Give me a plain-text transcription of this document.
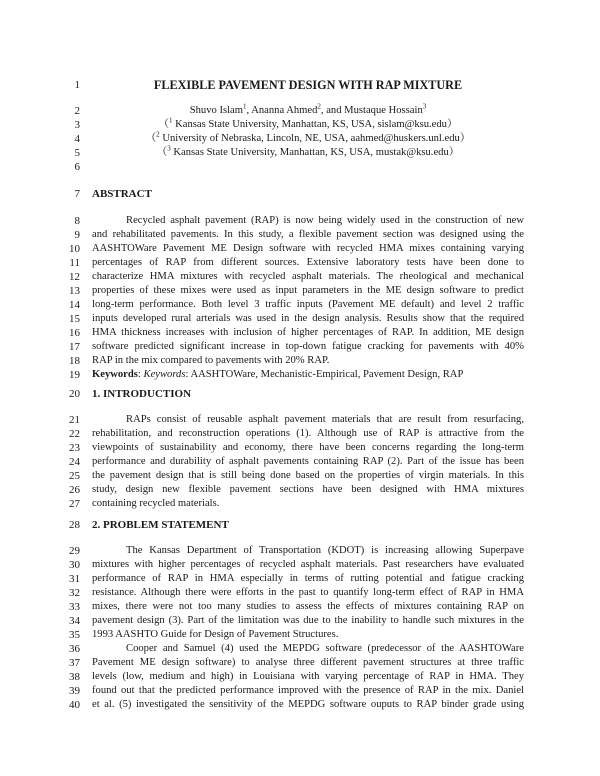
1	FLEXIBLE PAVEMENT DESIGN WITH RAP MIXTURE
2	Shuvo Islam$^1$, Ananna Ahmed$^2$, and Mustaque Hossain$^3$
3	（$^1$ Kansas State University, Manhattan, KS, USA, sislam@ksu.edu）
4	（$^2$ University of Nebraska, Lincoln, NE, USA, aahmed@huskers.unl.edu）
5	（$^3$ Kansas State University, Manhattan, KS, USA, mustak@ksu.edu）
6
7 ABSTRACT
8	Recycled asphalt pavement (RAP) is now being widely used in the construction of new
9 and rehabilitated pavements. In this study, a flexible pavement section was designed using the
10 AASHTOWare Pavement ME Design software with recycled HMA mixes containing varying
11 percentages of RAP from different sources. Extensive laboratory tests have been done to
12 characterize HMA mixtures with recycled asphalt materials. The rheological and mechanical
13 properties of these mixes were used as input parameters in the ME design software to predict
14 long-term performance. Both level 3 traffic inputs (Pavement ME default) and level 2 traffic
15 inputs developed rural arterials was used in the design analysis. Results show that the required
16 HMA thickness increases with inclusion of higher percentages of RAP. In addition, ME design
17 software predicted significant increase in top-down fatigue cracking for pavements with 40%
18 RAP in the mix compared to pavements with 20% RAP.
19 Keywords: Keywords: AASHTOWare, Mechanistic-Empirical, Pavement Design, RAP
20 1. INTRODUCTION
21	RAPs consist of reusable asphalt pavement materials that are result from resurfacing,
22 rehabilitation, and reconstruction operations (1). Although use of RAP is attractive from the
23 viewpoints of sustainability and economy, there have been concerns regarding the long-term
24 performance and durability of asphalt pavements containing RAP (2). Part of the issue has been
25 the pavement design that is still being done based on the properties of virgin materials. In this
26 study, design new flexible pavement sections have been designed with HMA mixtures
27 containing recycled materials.
28 2. PROBLEM STATEMENT
29	The Kansas Department of Transportation (KDOT) is increasing allowing Superpave
30 mixtures with higher percentages of recycled asphalt materials. Past researchers have evaluated
31 performance of RAP in HMA especially in terms of rutting potential and fatigue cracking
32 resistance. Although there were efforts in the past to quantify long-term effect of RAP in HMA
33 mixes, there were not too many studies to assess the effects of mixtures containing RAP on
34 pavement design (3). Part of the limitation was due to the inability to handle such mixtures in the
35 1993 AASHTO Guide for Design of Pavement Structures.
36	Cooper and Samuel (4) used the MEPDG software (predecessor of the AASHTOWare
37 Pavement ME design software) to analyse three different pavement structures at three traffic
38 levels (low, medium and high) in Louisiana with varying percentage of RAP in HMA. They
39 found out that the predicted performance improved with the presence of RAP in the mix. Daniel
40 et al. (5) investigated the sensitivity of the MEPDG software ouputs to RAP binder grade using
